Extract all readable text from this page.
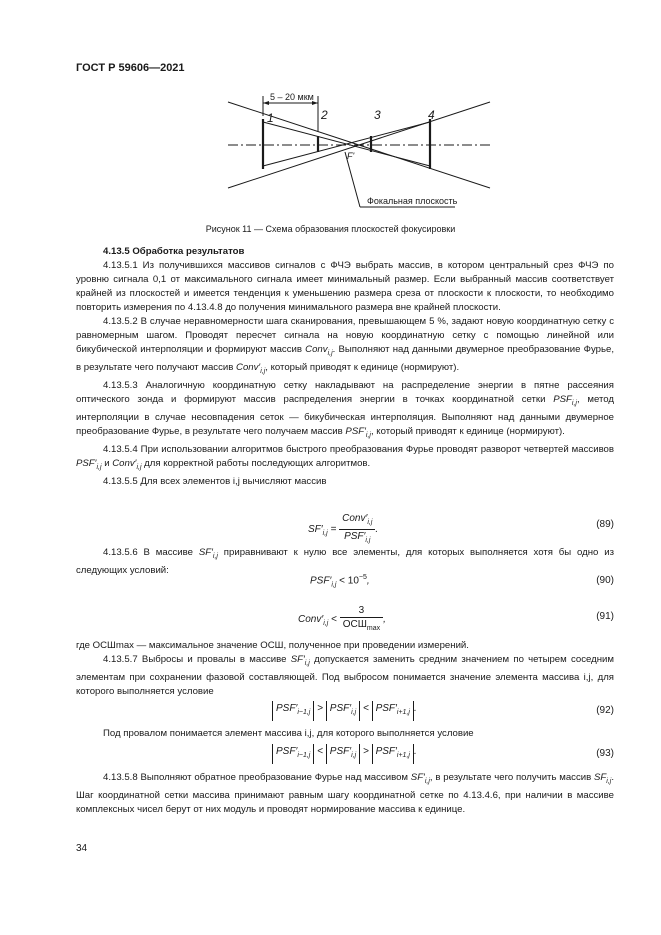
ГОСТ Р 59606—2021
5 – 20 мкм
1	2	3	4
F'
Фокальная плоскость
Рисунок 11 — Схема образования плоскостей фокусировки

4.13.5 Обработка результатов

4.13.5.1 Из получившихся массивов сигналов с ФЧЭ выбрать массив, в котором центральный срез ФЧЭ по уровню сигнала 0,1 от максимального сигнала имеет минимальный размер. Если выбранный массив соответствует крайней из плоскостей и имеется тенденция к уменьшению размера среза от плоскости к плоскости, то необходимо повторить измерения по 4.13.4.8 до получения минимального размера вне крайней плоскости.

4.13.5.2 В случае неравномерности шага сканирования, превышающем 5 %, задают новую координатную сетку с равномерным шагом. Проводят пересчет сигнала на новую координатную сетку с помощью линейной или бикубической интерполяции и формируют массив Conv$_{i,j}$. Выполняют над данными двумерное преобразование Фурье, в результате чего получают массив $Conv'_{i,j}$, который приводят к единице (нормируют).

4.13.5.3 Аналогичную координатную сетку накладывают на распределение энергии в пятне рассеяния оптического зонда и формируют массив распределения энергии в точках координатной сетки $PSF_{i,j}$, метод интерполяции в случае несовпадения сеток — бикубическая интерполяция. Выполняют над данными двумерное преобразование Фурье, в результате чего получаем массив $PSF'_{i,j}$, который приводят к единице (нормируют).

4.13.5.4 При использовании алгоритмов быстрого преобразования Фурье проводят разворот четвертей массивов $PSF'_{i,j}$ и $Conv'_{i,j}$ для корректной работы последующих алгоритмов.

4.13.5.5 Для всех элементов i,j вычисляют массив

$SF'_{i,j} = \frac{Conv'_{i,j}}{PSF'_{i,j}}$ .	(89)

4.13.5.6 В массиве $SF'_{i,j}$ приравнивают к нулю все элементы, для которых выполняется хотя бы одно из следующих условий:

$PSF'_{i,j} < 10^{-5}$,	(90)
$Conv'_{i,j} < \frac{3}{ОСШ_{max}}$ ,	(91)

где ОСШmax — максимальное значение ОСШ, полученное при проведении измерений.

4.13.5.7 Выбросы и провалы в массиве $SF'_{i,j}$ допускается заменить средним значением по четырем соседним элементам при сохранении фазовой составляющей. Под выбросом понимается значение элемента массива i,j, для которого выполняется условие

$PSF'_{i-1,j} > PSF'_{i,j} < PSF'_{i+1,j}$ .	(92)

Под провалом понимается элемент массива i,j, для которого выполняется условие

$PSF'_{i-1,j} < PSF'_{i,j} > PSF'_{i+1,j}$ .	(93)

4.13.5.8 Выполняют обратное преобразование Фурье над массивом $SF'_{i,j}$, в результате чего получить массив $SF_{i,j}$. Шаг координатной сетки массива принимают равным шагу координатной сетке по 4.13.4.6, при наличии в массиве комплексных чисел берут от них модуль и проводят нормирование массива к единице.

34
